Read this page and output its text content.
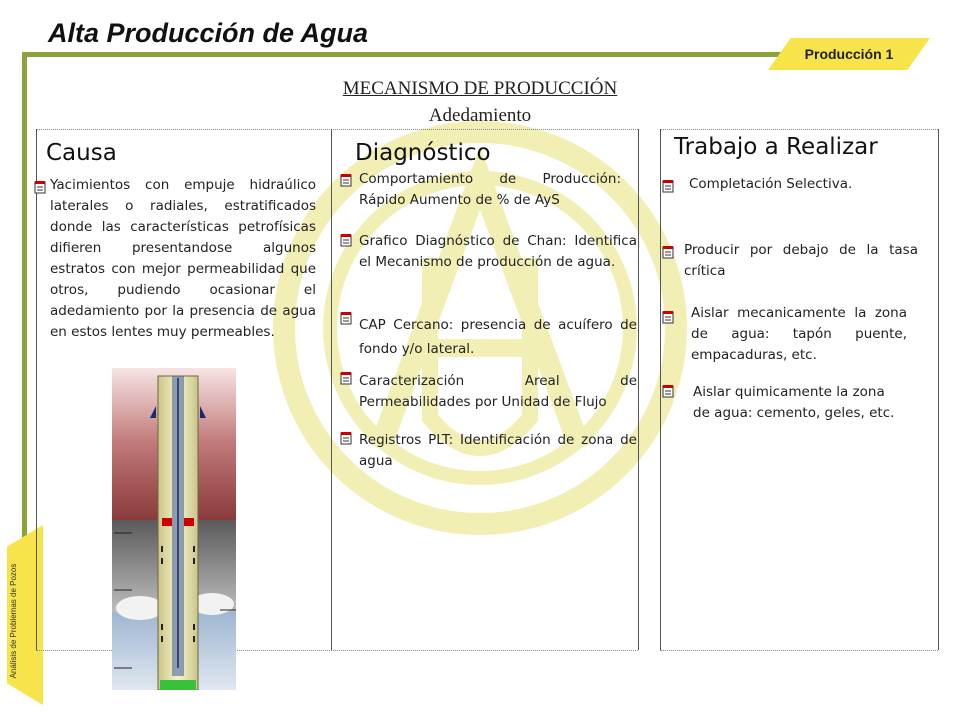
Alta Producción de Agua
Producción 1
Análisis de Problemas de Pozos
MECANISMO DE PRODUCCIÓN
Adedamiento
Causa	Diagnóstico	Trabajo a Realizar
Yacimientos con empuje hidraúlico laterales o radiales, estratificados donde las características petrofísicas difieren presentandose algunos estratos con mejor permeabilidad que otros, pudiendo ocasionar el adedamiento por la presencia de agua en estos lentes muy permeables.
Comportamiento de Producción: Rápido Aumento de % de AyS
Grafico Diagnóstico de Chan: Identifica el Mecanismo de producción de agua.
CAP Cercano: presencia de acuífero de fondo y/o lateral.
Caracterización Areal de Permeabilidades por Unidad de Flujo
Registros PLT: Identificación de zona de agua
Completación Selectiva.
Producir por debajo de la tasa crítica
Aislar mecanicamente la zona de agua: tapón puente, empacaduras, etc.
Aislar quimicamente la zona de agua: cemento, geles, etc.
